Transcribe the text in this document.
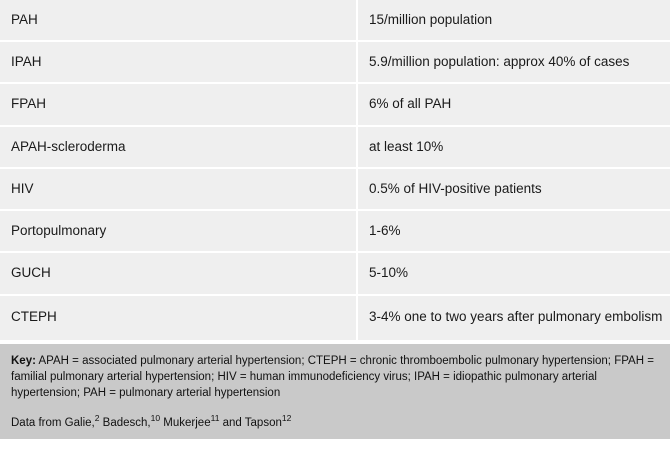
PAH	15/million population
IPAH	5.9/million population: approx 40% of cases
FPAH	6% of all PAH
APAH-scleroderma	at least 10%
HIV	0.5% of HIV-positive patients
Portopulmonary	1-6%
GUCH	5-10%
CTEPH	3-4% one to two years after pulmonary embolism

Key: APAH = associated pulmonary arterial hypertension; CTEPH = chronic thromboembolic pulmonary hypertension; FPAH = familial pulmonary arterial hypertension; HIV = human immunodeficiency virus; IPAH = idiopathic pulmonary arterial hypertension; PAH = pulmonary arterial hypertension

Data from Galie,$^2$ Badesch,$^{10}$ Mukerjee$^{11}$ and Tapson$^{12}$
